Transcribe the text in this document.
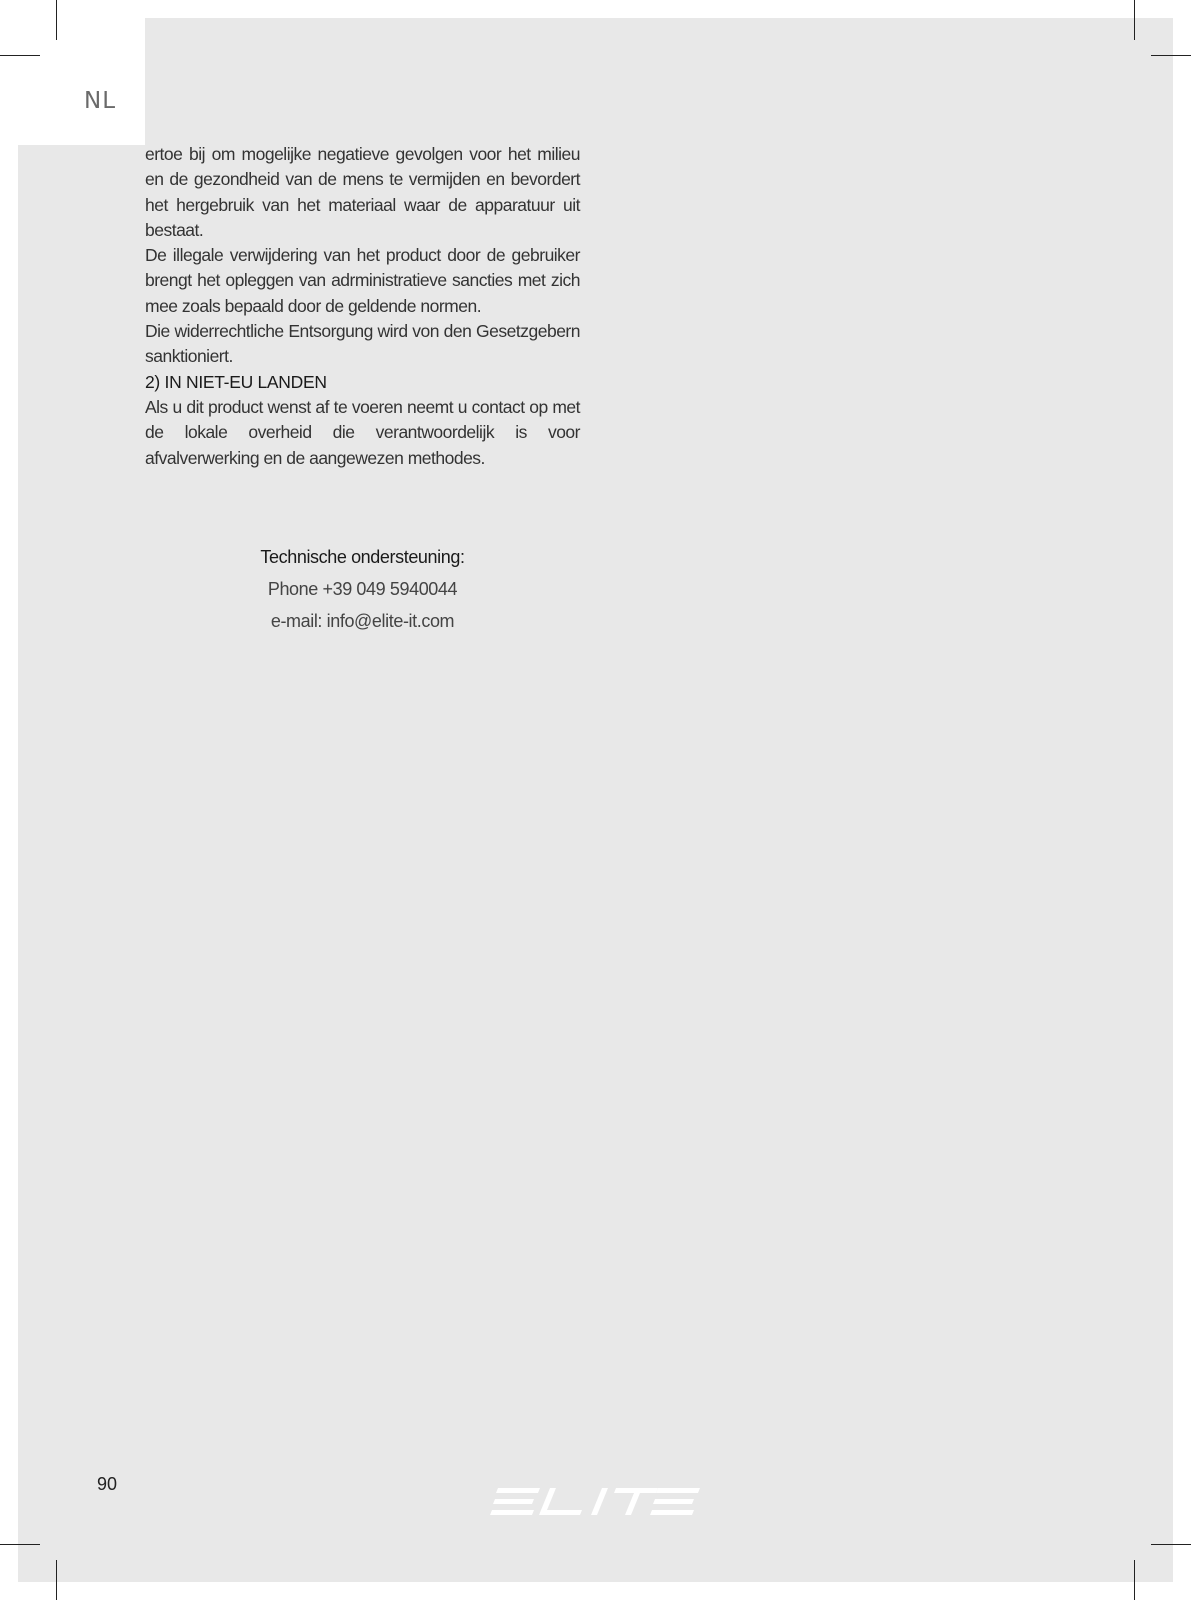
NL

ertoe bij om mogelijke negatieve gevolgen voor het milieu en de gezondheid van de mens te vermijden en bevordert het hergebruik van het materiaal waar de apparatuur uit bestaat.

De illegale verwijdering van het product door de gebruiker brengt het opleggen van adrministratieve sancties met zich mee zoals bepaald door de geldende normen.

Die widerrechtliche Entsorgung wird von den Gesetzgebern sanktioniert.

2) IN NIET-EU LANDEN

Als u dit product wenst af te voeren neemt u contact op met de lokale overheid die verantwoordelijk is voor afvalverwerking en de aangewezen methodes.

Technische ondersteuning:
Phone +39 049 5940044
e-mail: info@elite-it.com
90
